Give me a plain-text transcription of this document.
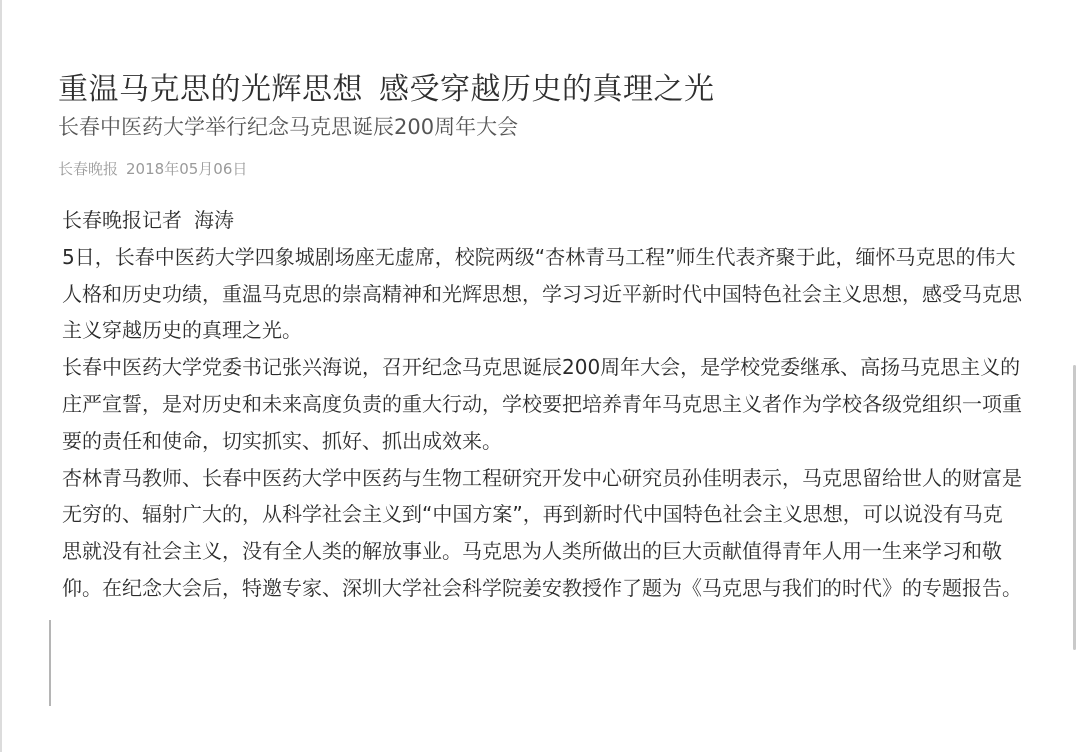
重温马克思的光辉思想 感受穿越历史的真理之光
长春中医药大学举行纪念马克思诞辰200周年大会
长春晚报 2018年05月06日

长春晚报记者 海涛

5日，长春中医药大学四象城剧场座无虚席，校院两级“杏林青马工程”师生代表齐聚于此，缅怀马克思的伟大人格和历史功绩，重温马克思的崇高精神和光辉思想，学习习近平新时代中国特色社会主义思想，感受马克思主义穿越历史的真理之光。

长春中医药大学党委书记张兴海说，召开纪念马克思诞辰200周年大会，是学校党委继承、高扬马克思主义的庄严宣誓，是对历史和未来高度负责的重大行动，学校要把培养青年马克思主义者作为学校各级党组织一项重要的责任和使命，切实抓实、抓好、抓出成效来。

杏林青马教师、长春中医药大学中医药与生物工程研究开发中心研究员孙佳明表示，马克思留给世人的财富是无穷的、辐射广大的，从科学社会主义到“中国方案”，再到新时代中国特色社会主义思想，可以说没有马克思就没有社会主义，没有全人类的解放事业。马克思为人类所做出的巨大贡献值得青年人用一生来学习和敬仰。在纪念大会后，特邀专家、深圳大学社会科学院姜安教授作了题为《马克思与我们的时代》的专题报告。
